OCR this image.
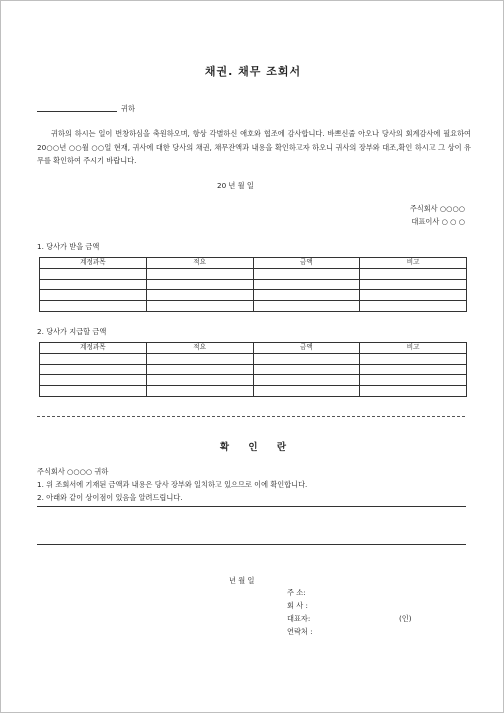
채권. 채무 조회서
귀하
귀하의 하시는 일이 번창하심을 축원하오며, 항상 각별하신 애호와 협조에 감사합니다. 바쁘신줄 아오나 당사의 회계감사에 필요하여 20○○년 ○○월 ○○일 현재, 귀사에 대한 당사의 채권, 채무잔액과 내용을 확인하고자 하오니 귀사의 장부와 대조,확인 하시고 그 상이 유무를 확인하여 주시기 바랍니다.
20 년 월 일
주식회사 ○○○○
대표이사 ○ ○ ○
1. 당사가 받을 금액
계정과목	적요	금액	비고

2. 당사가 지급할 금액
계정과목	적요	금액	비고

확 인 란
주식회사 ○○○○ 귀하
1. 위 조회서에 기재된 금액과 내용은 당사 장부와 일치하고 있으므로 이에 확인합니다.
2. 아래와 같이 상이점이 있음을 알려드립니다.
년 월 일
주 소:
회 사 :
대표자:	(인)
연락처 :
